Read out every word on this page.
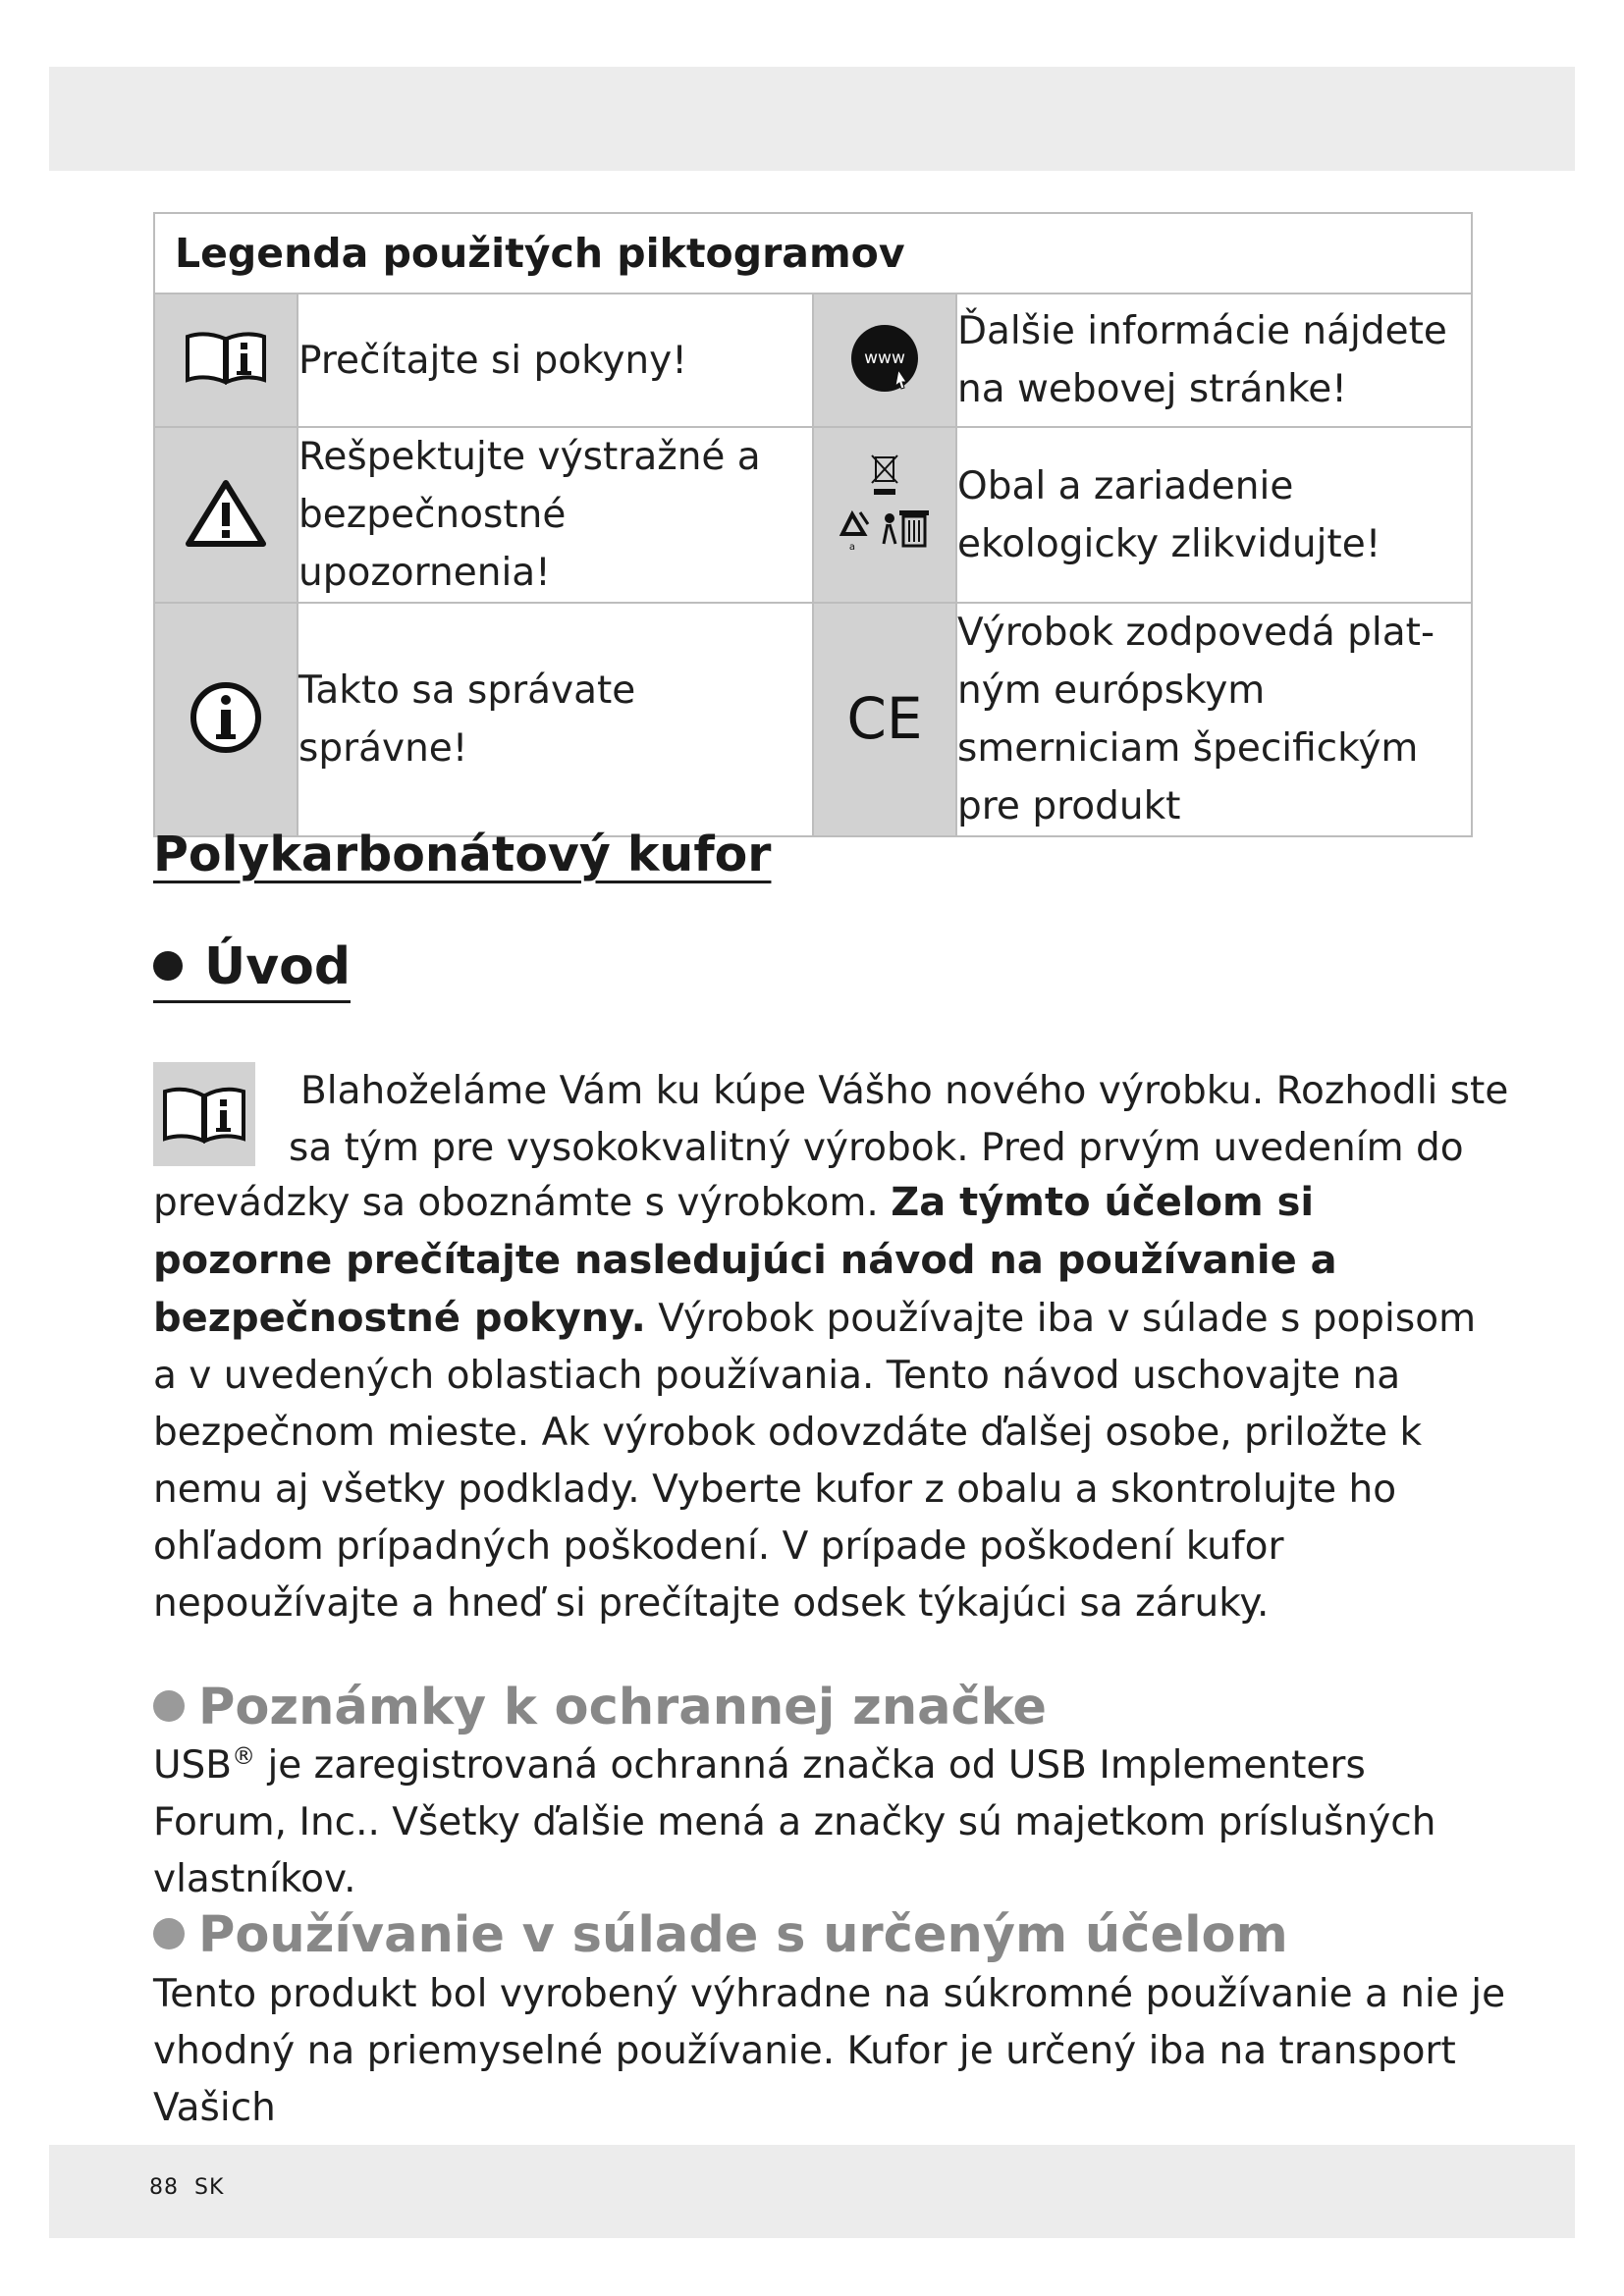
Legenda použitých piktogramov			
	Prečítajte si pokyny!	www	Ďalšie informácie nájdete na webovej stránke!
	Rešpektujte výstražné a bezpečnostné upozornenia!	a	Obal a zariadenie ekologicky zlikvidujte!
	Takto sa správate správne!	CE	Výrobok zodpovedá plat-ným európskym smerniciam špecifickým pre produkt
Polykarbonátový kufor
Úvod
Blahoželáme Vám ku kúpe Vášho nového výrobku. Rozhodli ste
sa tým pre vysokokvalitný výrobok. Pred prvým uvedením do
prevádzky sa oboznámte s výrobkom. Za týmto účelom si pozorne prečítajte nasledujúci návod na používanie a bezpečnostné pokyny. Výrobok používajte iba v súlade s popisom a v uvedených oblastiach používania. Tento návod uschovajte na bezpečnom mieste. Ak výrobok odovzdáte ďalšej osobe, priložte k nemu aj všetky podklady. Vyberte kufor z obalu a skontrolujte ho ohľadom prípadných poškodení. V prípade poškodení kufor nepoužívajte a hneď si prečítajte odsek týkajúci sa záruky.
Poznámky k ochrannej značke
USB® je zaregistrovaná ochranná značka od USB Implementers Forum, Inc.. Všetky ďalšie mená a značky sú majetkom príslušných vlastníkov.
Používanie v súlade s určeným účelom
Tento produkt bol vyrobený výhradne na súkromné používanie a nie je vhodný na priemyselné používanie. Kufor je určený iba na transport Vašich
88 SK
